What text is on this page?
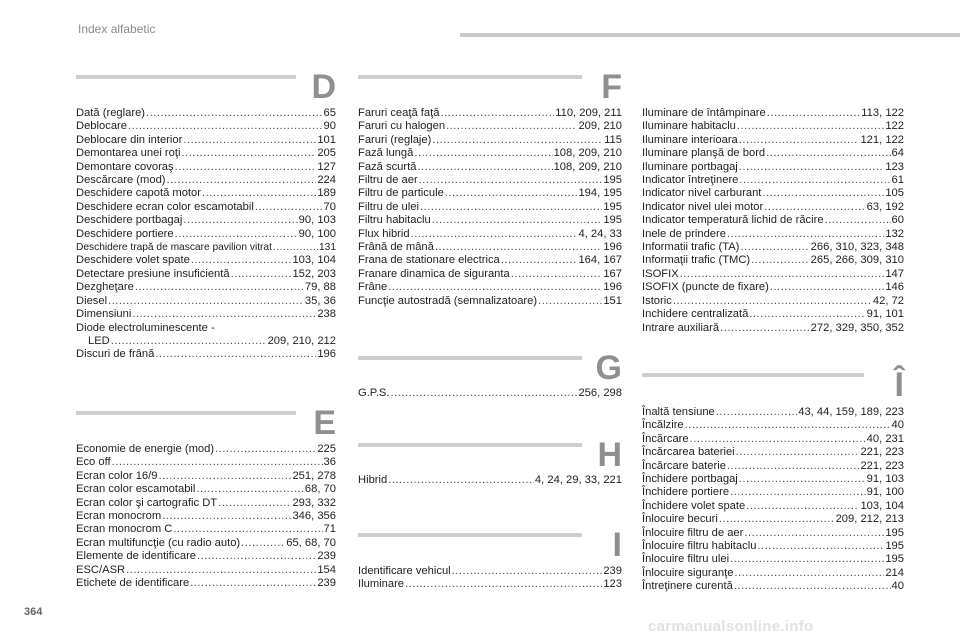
Index alfabetic
D
Dată (reglare) .....	65
Deblocare .....	90
Deblocare din interior .....	101
Demontarea unei roţi .....	205
Demontare covoraş .....	127
Descărcare (mod) .....	224
Deschidere capotă motor .....	189
Deschidere ecran color escamotabil .....	70
Deschidere portbagaj .....	90, 103
Deschidere portiere .....	90, 100
Deschidere trapă de mascare pavilion vitrat .....	131
Deschidere volet spate .....	103, 104
Detectare presiune insuficientă .....	152, 203
Dezgheţare .....	79, 88
Diesel .....	35, 36
Dimensiuni .....	238
Diode electroluminescente -
LED .....	209, 210, 212
Discuri de frână .....	196
E
Economie de energie (mod) .....	225
Eco off .....	36
Ecran color 16/9 .....	251, 278
Ecran color escamotabil .....	68, 70
Ecran color şi cartografic DT .....	293, 332
Ecran monocrom .....	346, 356
Ecran monocrom C .....	71
Ecran multifuncţie (cu radio auto) .....	65, 68, 70
Elemente de identificare .....	239
ESC/ASR .....	154
Etichete de identificare .....	239
F
Faruri ceaţă faţă .....	110, 209, 211
Faruri cu halogen .....	209, 210
Faruri (reglaje) .....	115
Fază lungă .....	108, 209, 210
Fază scurtă .....	108, 209, 210
Filtru de aer .....	195
Filtru de particule .....	194, 195
Filtru de ulei .....	195
Filtru habitaclu .....	195
Flux hibrid .....	4, 24, 33
Frână de mână .....	196
Frana de stationare electrica .....	164, 167
Franare dinamica de siguranta .....	167
Frâne .....	196
Funcţie autostradă (semnalizatoare) .....	151
G
G.P.S. .....	256, 298
H
Hibrid .....	4, 24, 29, 33, 221
I
Identificare vehicul .....	239
Iluminare .....	123
Iluminare de întâmpinare .....	113, 122
Iluminare habitaclu .....	122
Iluminare interioara .....	121, 122
Iluminare planşă de bord .....	64
Iluminare portbagaj .....	123
Indicator întreţinere .....	61
Indicator nivel carburant .....	105
Indicator nivel ulei motor .....	63, 192
Indicator temperatură lichid de răcire .....	60
Inele de prindere .....	132
Informatii trafic (TA) .....	266, 310, 323, 348
Informaţii trafic (TMC) .....	265, 266, 309, 310
ISOFIX .....	147
ISOFIX (puncte de fixare) .....	146
Istoric .....	42, 72
Inchidere centralizată .....	91, 101
Intrare auxiliară .....	272, 329, 350, 352
Î
Înaltă tensiune .....	43, 44, 159, 189, 223
Încălzire .....	40
Încărcare .....	40, 231
Încărcarea bateriei .....	221, 223
Încărcare baterie .....	221, 223
Închidere portbagaj .....	91, 103
Închidere portiere .....	91, 100
Închidere volet spate .....	103, 104
Înlocuire becuri .....	209, 212, 213
Înlocuire filtru de aer .....	195
Înlocuire filtru habitaclu .....	195
Înlocuire filtru ulei .....	195
Înlocuire siguranţe .....	214
Întreţinere curentă .....	40
364
carmanualsonline.info
